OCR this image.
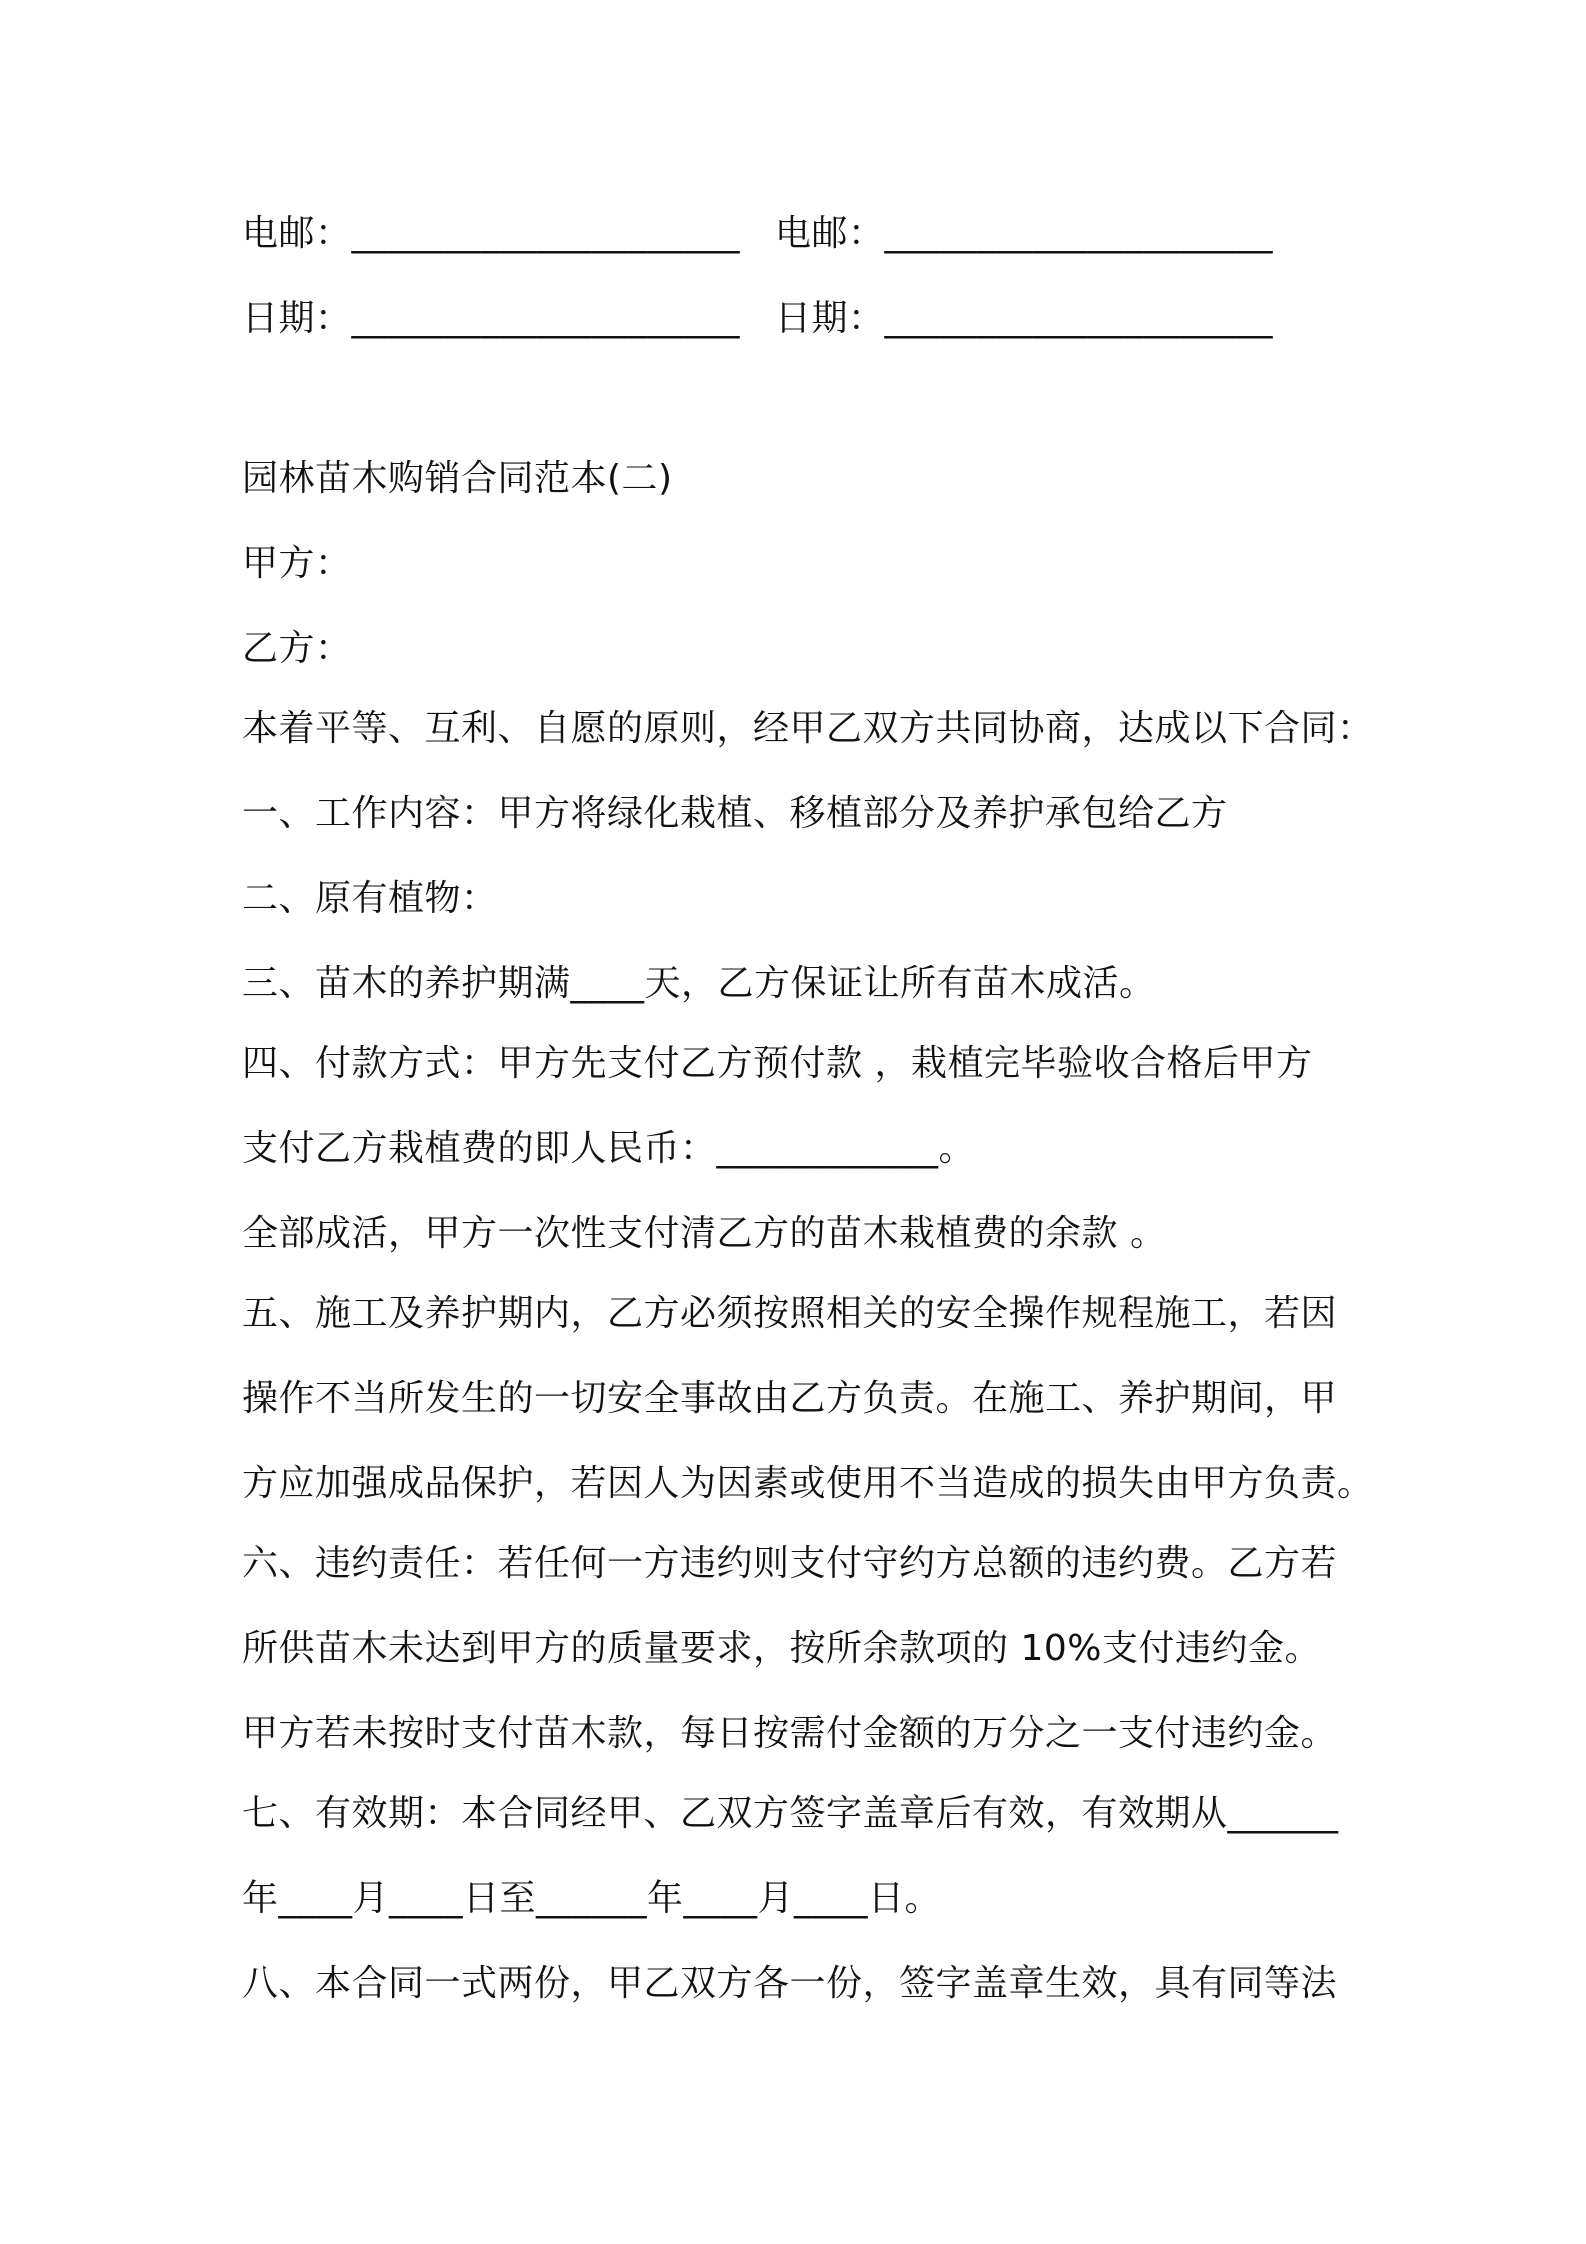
电邮：_____________________ 电邮：_____________________
日期：_____________________ 日期：_____________________
园林苗木购销合同范本(二)
甲方：
乙方：
本着平等、互利、自愿的原则，经甲乙双方共同协商，达成以下合同：
一、工作内容：甲方将绿化栽植、移植部分及养护承包给乙方
二、原有植物：
三、苗木的养护期满____天，乙方保证让所有苗木成活。
四、付款方式：甲方先支付乙方预付款 ，栽植完毕验收合格后甲方
支付乙方栽植费的即人民币：____________。
全部成活，甲方一次性支付清乙方的苗木栽植费的余款 。
五、施工及养护期内，乙方必须按照相关的安全操作规程施工，若因
操作不当所发生的一切安全事故由乙方负责。在施工、养护期间，甲
方应加强成品保护，若因人为因素或使用不当造成的损失由甲方负责。
六、违约责任：若任何一方违约则支付守约方总额的违约费。乙方若
所供苗木未达到甲方的质量要求，按所余款项的 10%支付违约金。
甲方若未按时支付苗木款，每日按需付金额的万分之一支付违约金。
七、有效期：本合同经甲、乙双方签字盖章后有效，有效期从______
年____月____日至______年____月____日。
八、本合同一式两份，甲乙双方各一份，签字盖章生效，具有同等法
